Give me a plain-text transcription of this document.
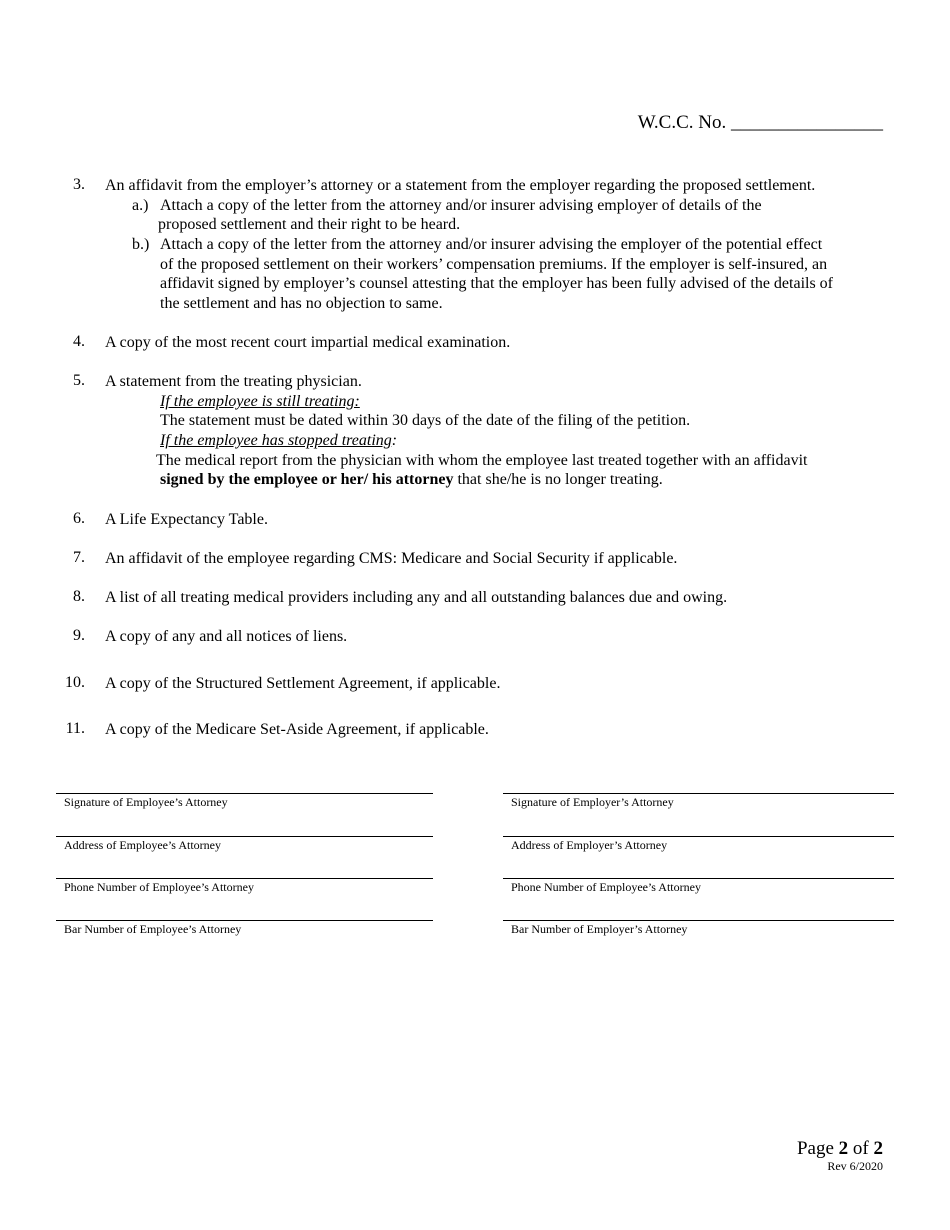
W.C.C. No. ________________
3. An affidavit from the employer’s attorney or a statement from the employer regarding the proposed settlement.
a.) Attach a copy of the letter from the attorney and/or insurer advising employer of details of the
proposed settlement and their right to be heard.
b.) Attach a copy of the letter from the attorney and/or insurer advising the employer of the potential effect
of the proposed settlement on their workers’ compensation premiums. If the employer is self-insured, an
affidavit signed by employer’s counsel attesting that the employer has been fully advised of the details of
the settlement and has no objection to same.
4. A copy of the most recent court impartial medical examination.
5. A statement from the treating physician.
If the employee is still treating:
The statement must be dated within 30 days of the date of the filing of the petition.
If the employee has stopped treating:
The medical report from the physician with whom the employee last treated together with an affidavit
signed by the employee or her/ his attorney that she/he is no longer treating.
6. A Life Expectancy Table.
7. An affidavit of the employee regarding CMS: Medicare and Social Security if applicable.
8. A list of all treating medical providers including any and all outstanding balances due and owing.
9. A copy of any and all notices of liens.
10. A copy of the Structured Settlement Agreement, if applicable.
11. A copy of the Medicare Set-Aside Agreement, if applicable.
Signature of Employee’s Attorney
Address of Employee’s Attorney
Phone Number of Employee’s Attorney
Bar Number of Employee’s Attorney
Signature of Employer’s Attorney
Address of Employer’s Attorney
Phone Number of Employee’s Attorney
Bar Number of Employer’s Attorney
Page 2 of 2
Rev 6/2020
